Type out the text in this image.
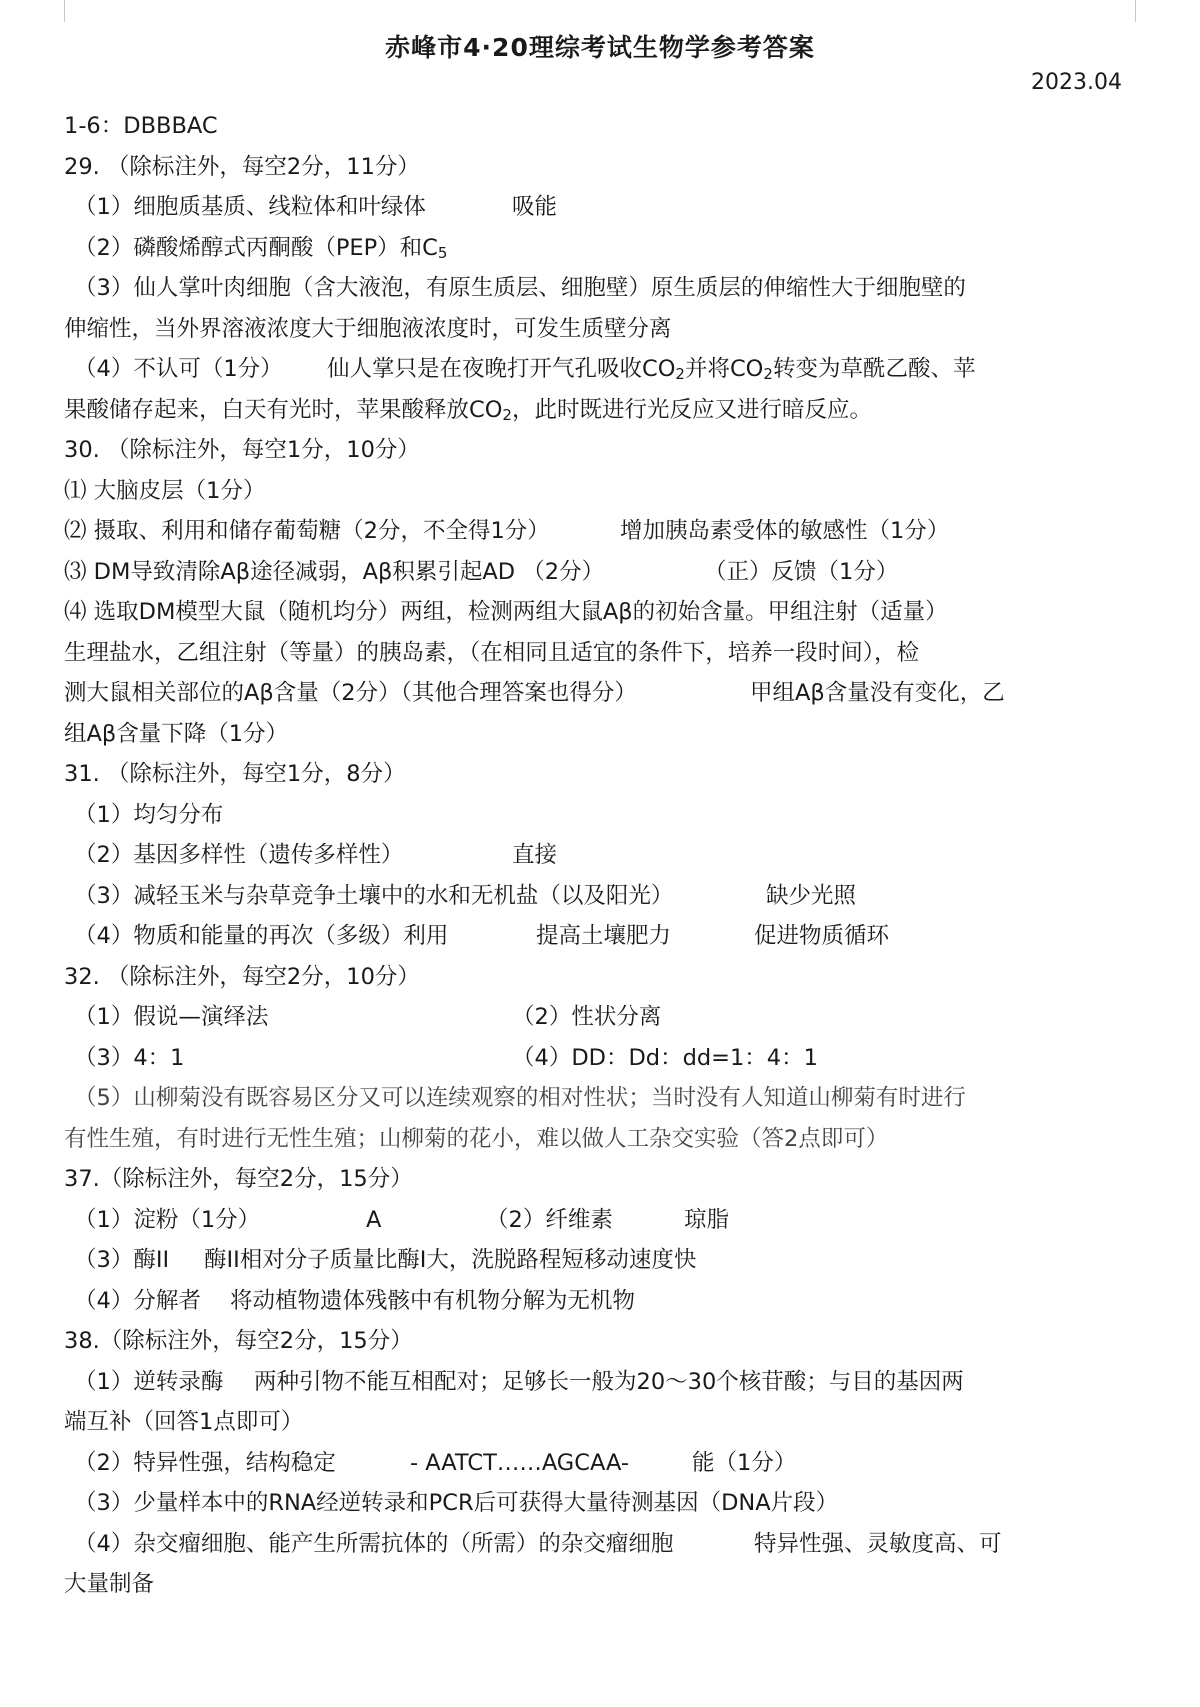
赤峰市4·20理综考试生物学参考答案
2023.04
1-6：DBBBAC
29. （除标注外，每空2分，11分）
（1）细胞质基质、线粒体和叶绿体	吸能
（2）磷酸烯醇式丙酮酸（PEP）和$C_5$
（3）仙人掌叶肉细胞（含大液泡，有原生质层、细胞壁）原生质层的伸缩性大于细胞壁的
伸缩性，当外界溶液浓度大于细胞液浓度时，可发生质壁分离
（4）不认可（1分） 仙人掌只是在夜晚打开气孔吸收$CO_2$并将$CO_2$转变为草酰乙酸、苹
果酸储存起来，白天有光时，苹果酸释放$CO_2$，此时既进行光反应又进行暗反应。
30. （除标注外，每空1分，10分）
⑴ 大脑皮层（1分）
⑵ 摄取、利用和储存葡萄糖（2分，不全得1分）	增加胰岛素受体的敏感性（1分）
⑶ DM导致清除Aβ途径减弱，Aβ积累引起AD （2分）	（正）反馈（1分）
⑷ 选取DM模型大鼠（随机均分）两组，检测两组大鼠Aβ的初始含量。甲组注射（适量）
生理盐水，乙组注射（等量）的胰岛素，（在相同且适宜的条件下，培养一段时间），检
测大鼠相关部位的Aβ含量（2分）（其他合理答案也得分）	甲组Aβ含量没有变化，乙
组Aβ含量下降（1分）
31. （除标注外，每空1分，8分）
（1）均匀分布
（2）基因多样性（遗传多样性）	直接
（3）减轻玉米与杂草竞争土壤中的水和无机盐（以及阳光）	缺少光照
（4）物质和能量的再次（多级）利用	提高土壤肥力	促进物质循环
32. （除标注外，每空2分，10分）
（1）假说—演绎法	（2）性状分离
（3）4：1	（4）DD：Dd：dd=1：4：1
（5）山柳菊没有既容易区分又可以连续观察的相对性状；当时没有人知道山柳菊有时进行
有性生殖，有时进行无性生殖；山柳菊的花小，难以做人工杂交实验（答2点即可）
37.（除标注外，每空2分，15分）
（1）淀粉（1分）	A	（2）纤维素	琼脂
（3）酶II 酶II相对分子质量比酶I大，洗脱路程短移动速度快
（4）分解者 将动植物遗体残骸中有机物分解为无机物
38.（除标注外，每空2分，15分）
（1）逆转录酶 两种引物不能互相配对；足够长一般为20～30个核苷酸；与目的基因两
端互补（回答1点即可）
（2）特异性强，结构稳定	- AATCT……AGCAA-	能（1分）
（3）少量样本中的RNA经逆转录和PCR后可获得大量待测基因（DNA片段）
（4）杂交瘤细胞、能产生所需抗体的（所需）的杂交瘤细胞	特异性强、灵敏度高、可
大量制备
